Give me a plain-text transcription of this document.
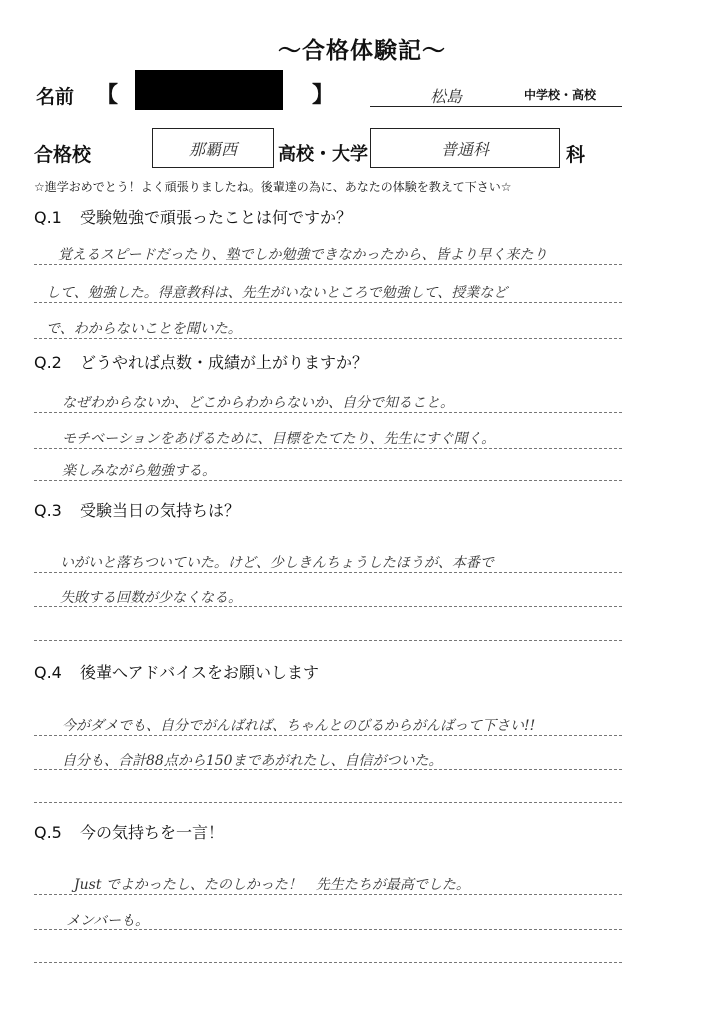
〜合格体験記〜
名前 【	】	松島	中学校・高校
合格校	那覇西 高校・大学	普通科	科
☆進学おめでとう！よく頑張りましたね。後輩達の為に、あなたの体験を教えて下さい☆
Q.1 受験勉強で頑張ったことは何ですか？
覚えるスピードだったり、塾でしか勉強できなかったから、皆より早く来たり
して、勉強した。得意教科は、先生がいないところで勉強して、授業など
で、わからないことを聞いた。
Q.2 どうやれば点数・成績が上がりますか？
なぜわからないか、どこからわからないか、自分で知ること。
モチベーションをあげるために、目標をたてたり、先生にすぐ聞く。
楽しみながら勉強する。
Q.3 受験当日の気持ちは？
いがいと落ちついていた。けど、少しきんちょうしたほうが、本番で
失敗する回数が少なくなる。
Q.4 後輩へアドバイスをお願いします
今がダメでも、自分でがんばれば、ちゃんとのびるからがんばって下さい!!
自分も、合計88点から150まであがれたし、自信がついた。
Q.5 今の気持ちを一言！
Just でよかったし、たのしかった！　先生たちが最高でした。
メンバーも。
